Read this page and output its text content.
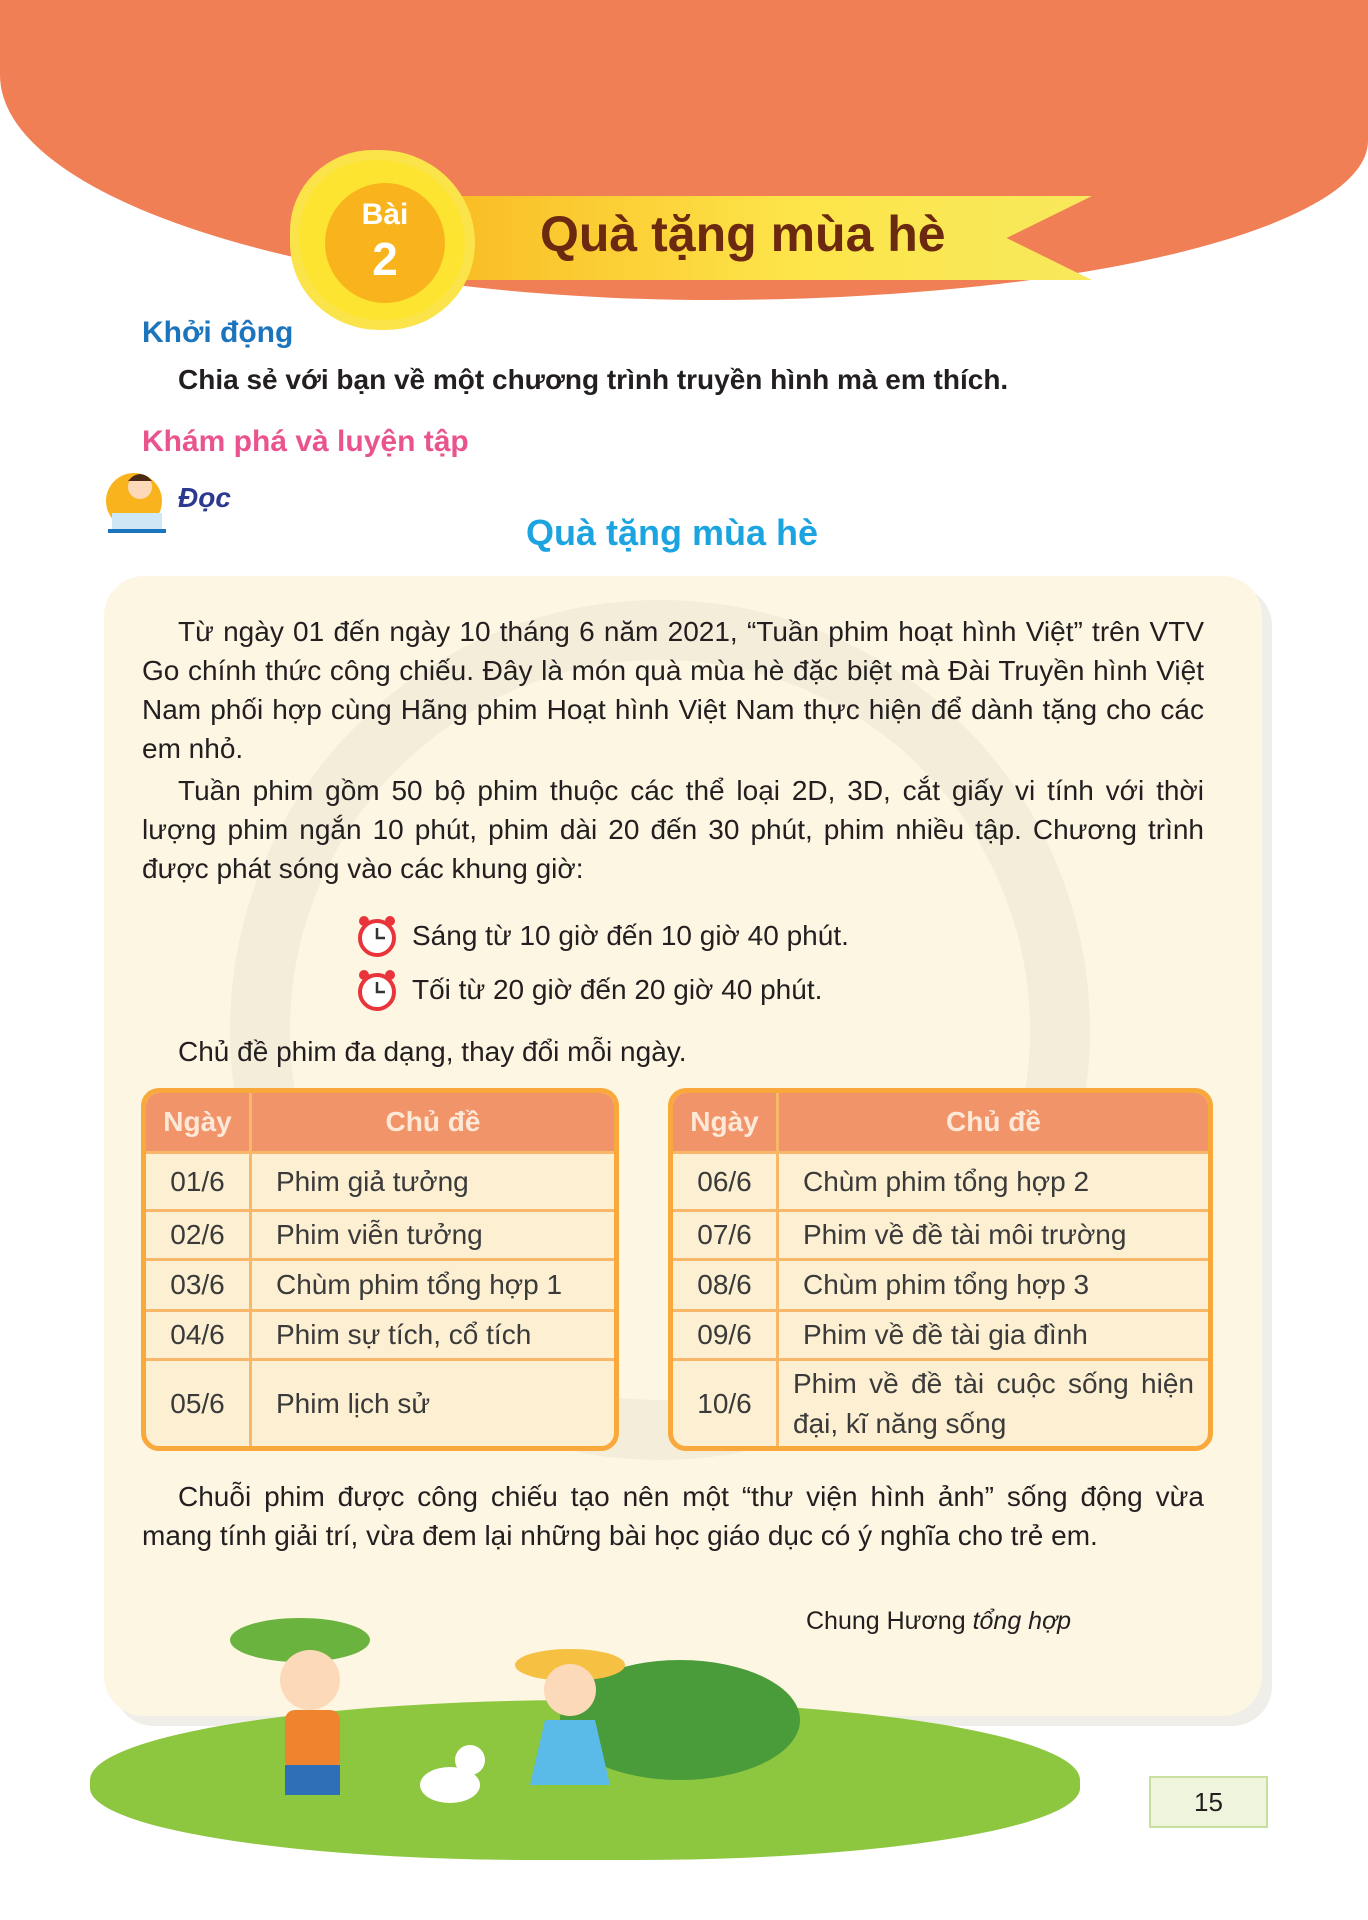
Quà tặng mùa hè
Bài
2
Khởi động
Chia sẻ với bạn về một chương trình truyền hình mà em thích.
Khám phá và luyện tập
Đọc
Quà tặng mùa hè
Từ ngày 01 đến ngày 10 tháng 6 năm 2021, “Tuần phim hoạt hình Việt” trên VTV Go chính thức công chiếu. Đây là món quà mùa hè đặc biệt mà Đài Truyền hình Việt Nam phối hợp cùng Hãng phim Hoạt hình Việt Nam thực hiện để dành tặng cho các em nhỏ.
Tuần phim gồm 50 bộ phim thuộc các thể loại 2D, 3D, cắt giấy vi tính với thời lượng phim ngắn 10 phút, phim dài 20 đến 30 phút, phim nhiều tập. Chương trình được phát sóng vào các khung giờ:
Sáng từ 10 giờ đến 10 giờ 40 phút.
Tối từ 20 giờ đến 20 giờ 40 phút.
Chủ đề phim đa dạng, thay đổi mỗi ngày.
Ngày	Chủ đề
01/6	Phim giả tưởng
02/6	Phim viễn tưởng
03/6	Chùm phim tổng hợp 1
04/6	Phim sự tích, cổ tích
05/6	Phim lịch sử
Ngày	Chủ đề
06/6	Chùm phim tổng hợp 2
07/6	Phim về đề tài môi trường
08/6	Chùm phim tổng hợp 3
09/6	Phim về đề tài gia đình
10/6	Phim về đề tài cuộc sống hiện đại, kĩ năng sống
Chuỗi phim được công chiếu tạo nên một “thư viện hình ảnh” sống động vừa mang tính giải trí, vừa đem lại những bài học giáo dục có ý nghĩa cho trẻ em.
Chung Hương tổng hợp
15
